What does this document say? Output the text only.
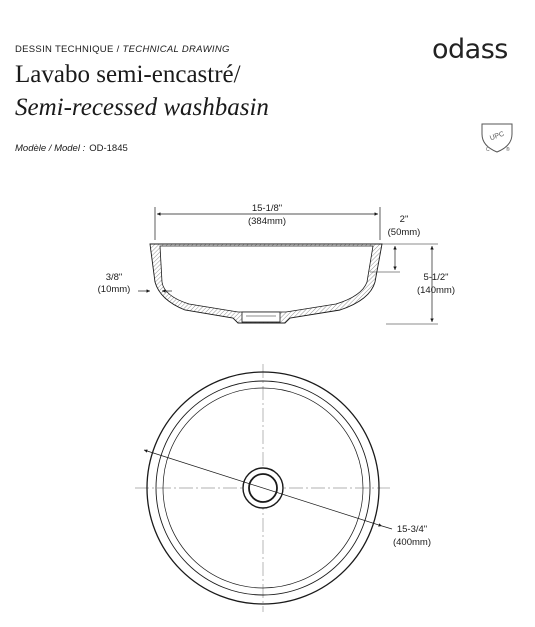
DESSIN TECHNIQUE / TECHNICAL DRAWING
Lavabo semi-encastré/
Semi-recessed washbasin
Modèle / Model : OD-1845
odass
UPC
C	®
15-1/8"
(384mm)	2"
(50mm)
5-1/2"
(140mm)
3/8"
(10mm)
15-3/4"
(400mm)
